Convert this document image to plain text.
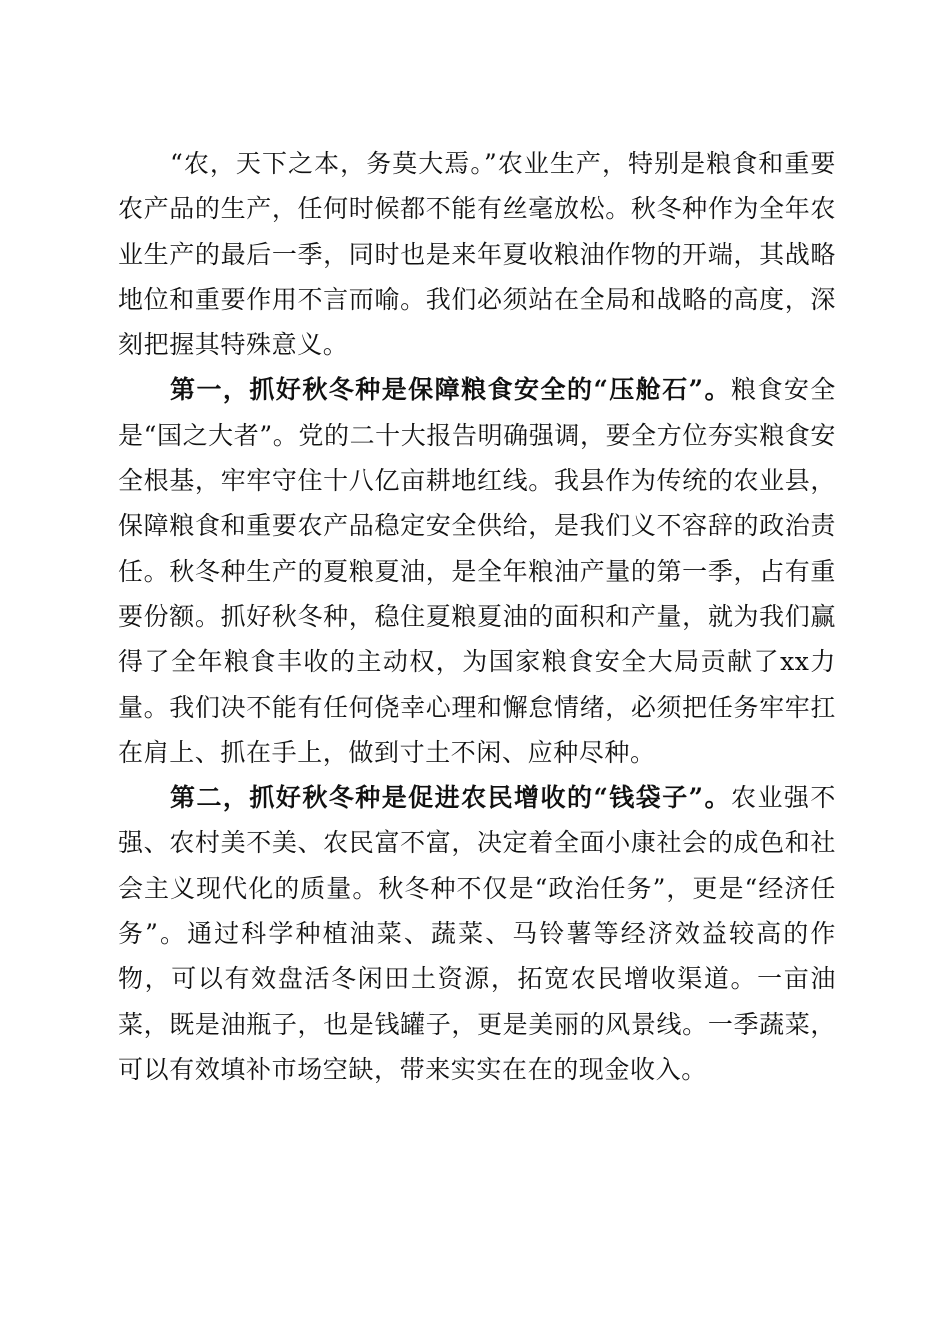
“农，天下之本，务莫大焉。”农业生产，特别是粮食和重要农产品的生产，任何时候都不能有丝毫放松。秋冬种作为全年农业生产的最后一季，同时也是来年夏收粮油作物的开端，其战略地位和重要作用不言而喻。我们必须站在全局和战略的高度，深刻把握其特殊意义。

第一，抓好秋冬种是保障粮食安全的“压舱石”。粮食安全是“国之大者”。党的二十大报告明确强调，要全方位夯实粮食安全根基，牢牢守住十八亿亩耕地红线。我县作为传统的农业县，保障粮食和重要农产品稳定安全供给，是我们义不容辞的政治责任。秋冬种生产的夏粮夏油，是全年粮油产量的第一季，占有重要份额。抓好秋冬种，稳住夏粮夏油的面积和产量，就为我们赢得了全年粮食丰收的主动权，为国家粮食安全大局贡献了xx力量。我们决不能有任何侥幸心理和懈怠情绪，必须把任务牢牢扛在肩上、抓在手上，做到寸土不闲、应种尽种。

第二，抓好秋冬种是促进农民增收的“钱袋子”。农业强不强、农村美不美、农民富不富，决定着全面小康社会的成色和社会主义现代化的质量。秋冬种不仅是“政治任务”，更是“经济任务”。通过科学种植油菜、蔬菜、马铃薯等经济效益较高的作物，可以有效盘活冬闲田土资源，拓宽农民增收渠道。一亩油菜，既是油瓶子，也是钱罐子，更是美丽的风景线。一季蔬菜，可以有效填补市场空缺，带来实实在在的现金收入。
